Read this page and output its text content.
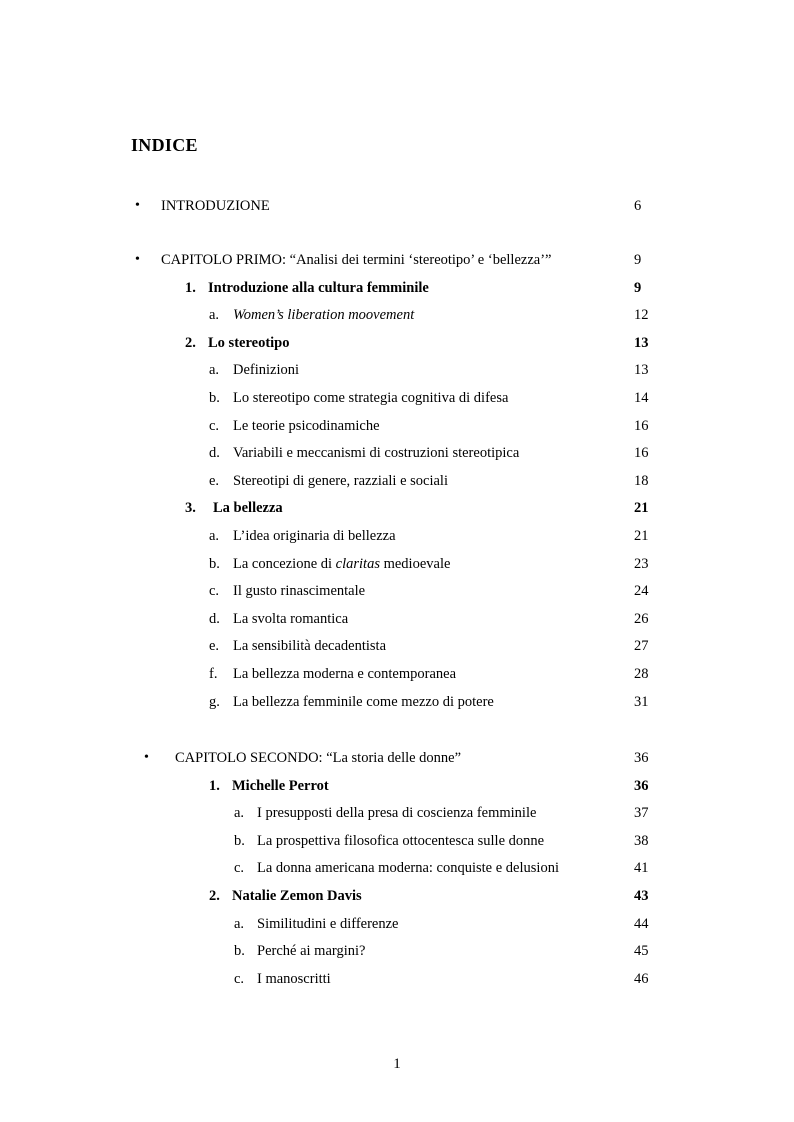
INDICE
• INTRODUZIONE	6
• CAPITOLO PRIMO: “Analisi dei termini ‘stereotipo’ e ‘bellezza’”	9
1. Introduzione alla cultura femminile	9
a. Women’s liberation moovement	12
2. Lo stereotipo	13
a. Definizioni	13
b. Lo stereotipo come strategia cognitiva di difesa	14
c. Le teorie psicodinamiche	16
d. Variabili e meccanismi di costruzioni stereotipica	16
e. Stereotipi di genere, razziali e sociali	18
3. La bellezza	21
a. L’idea originaria di bellezza	21
b. La concezione di claritas medioevale	23
c. Il gusto rinascimentale	24
d. La svolta romantica	26
e. La sensibilità decadentista	27
f. La bellezza moderna e contemporanea	28
g. La bellezza femminile come mezzo di potere	31
• CAPITOLO SECONDO: “La storia delle donne”	36
1. Michelle Perrot	36
a. I presupposti della presa di coscienza femminile	37
b. La prospettiva filosofica ottocentesca sulle donne	38
c. La donna americana moderna: conquiste e delusioni	41
2. Natalie Zemon Davis	43
a. Similitudini e differenze	44
b. Perché ai margini?	45
c. I manoscritti	46
1
